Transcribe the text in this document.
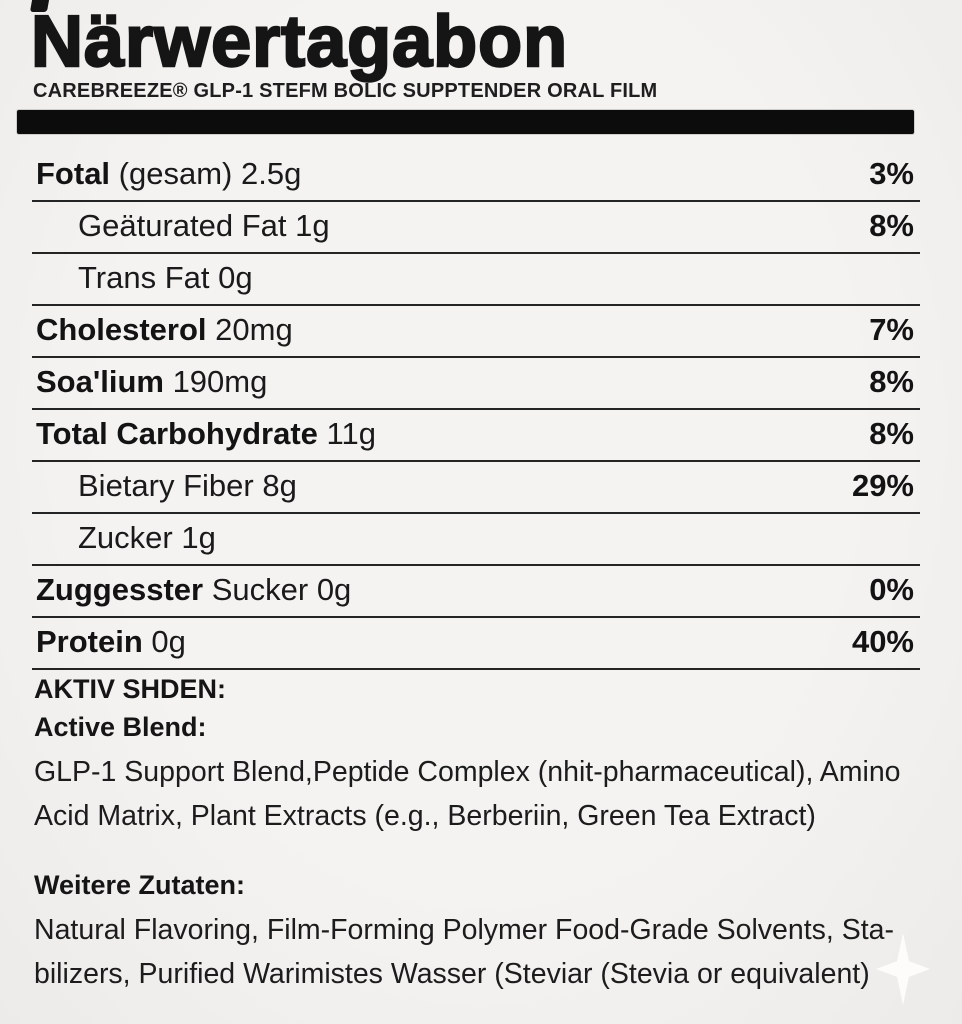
Närwertagabon
CAREBREEZE® GLP-1 STEFM BOLIC SUPPTENDER ORAL FILM
Fotal (gesam) 2.5g	3%
Geäturated Fat 1g	8%
Trans Fat 0g
Cholesterol 20mg	7%
Soa'lium 190mg	8%
Total Carbohydrate 11g	8%
Bietary Fiber 8g	29%
Zucker 1g
Zuggesster Sucker 0g	0%
Protein 0g	40%

AKTIV SHDEN:

Active Blend:

GLP-1 Support Blend,Peptide Complex (nhit-pharmaceutical), Amino

Acid Matrix, Plant Extracts (e.g., Berberiin, Green Tea Extract)

Weitere Zutaten:

Natural Flavoring, Film-Forming Polymer Food-Grade Solvents, Sta-

bilizers, Purified Warimistes Wasser (Steviar (Stevia or equivalent)
